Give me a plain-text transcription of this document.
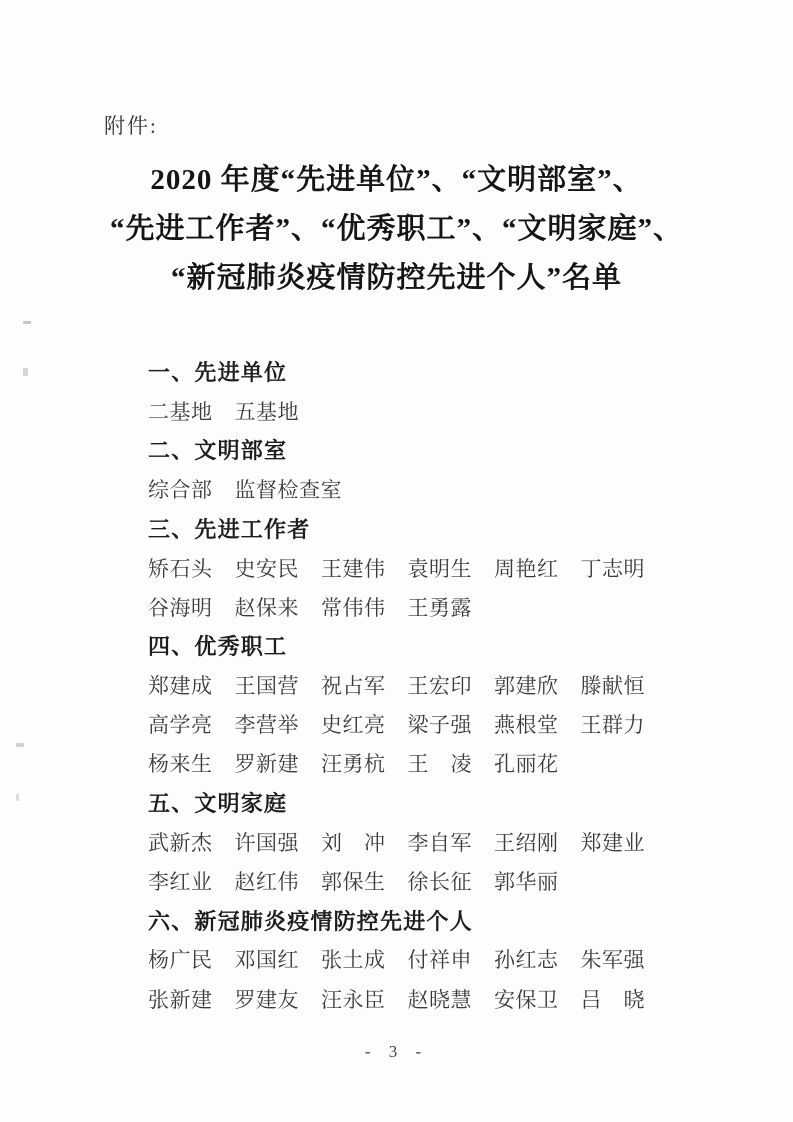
附件:
2020 年度“先进单位”、“文明部室”、
“先进工作者”、“优秀职工”、“文明家庭”、
“新冠肺炎疫情防控先进个人”名单
一、先进单位
二基地 五基地
二、文明部室
综合部 监督检查室
三、先进工作者
矫石头 史安民 王建伟 袁明生 周艳红 丁志明
谷海明 赵保来 常伟伟 王勇露
四、优秀职工
郑建成 王国营 祝占军 王宏印 郭建欣 滕献恒
高学亮 李营举 史红亮 梁子强 燕根堂 王群力
杨来生 罗新建 汪勇杭 王　凌 孔丽花
五、文明家庭
武新杰 许国强 刘　冲 李自军 王绍刚 郑建业
李红业 赵红伟 郭保生 徐长征 郭华丽
六、新冠肺炎疫情防控先进个人
杨广民 邓国红 张土成 付祥申 孙红志 朱军强
张新建 罗建友 汪永臣 赵晓慧 安保卫 吕　晓
- 3 -
